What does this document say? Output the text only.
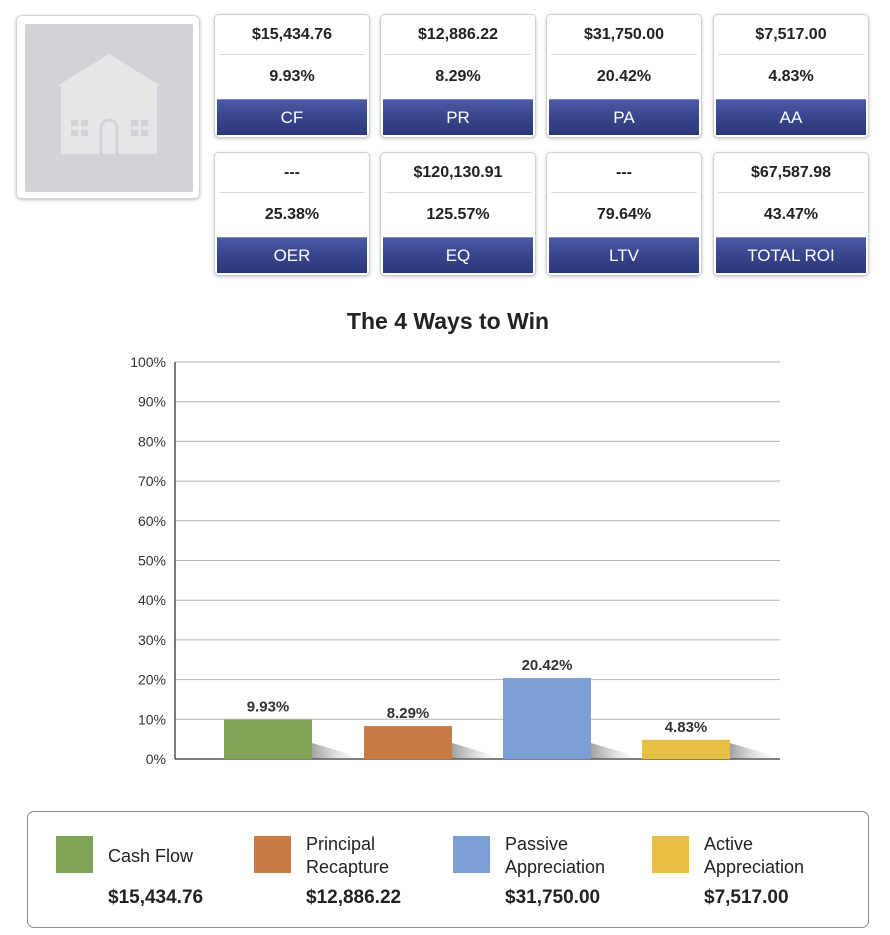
$15,434.76
9.93%
CF
$12,886.22
8.29%
PR
$31,750.00
20.42%
PA
$7,517.00
4.83%
AA
---
25.38%
OER
$120,130.91
125.57%
EQ
---
79.64%
LTV
$67,587.98
43.47%
TOTAL ROI
The 4 Ways to Win
0%
10%
20%
30%
40%
50%
60%
70%
80%
90%
100%
9.93%	8.29%
20.42%
4.83%
Cash Flow
$15,434.76
Principal
Recapture
$12,886.22
Passive
Appreciation
$31,750.00
Active
Appreciation
$7,517.00
